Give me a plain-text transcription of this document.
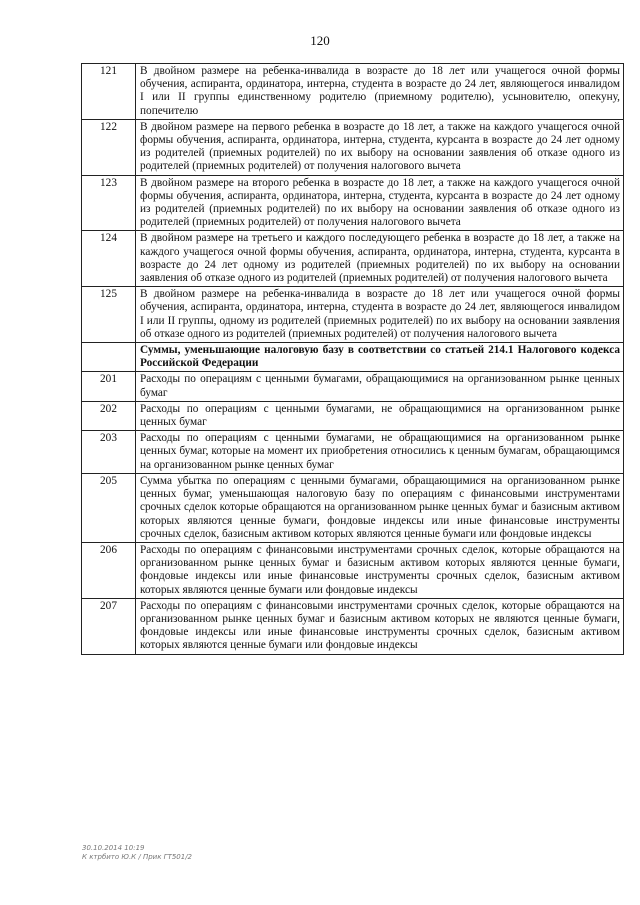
120
121	В двойном размере на ребенка-инвалида в возрасте до 18 лет или учащегося очной формы обучения, аспиранта, ординатора, интерна, студента в возрасте до 24 лет, являющегося инвалидом I или II группы единственному родителю (приемному родителю), усыновителю, опекуну, попечителю
122	В двойном размере на первого ребенка в возрасте до 18 лет, а также на каждого учащегося очной формы обучения, аспиранта, ординатора, интерна, студента, курсанта в возрасте до 24 лет одному из родителей (приемных родителей) по их выбору на основании заявления об отказе одного из родителей (приемных родителей) от получения налогового вычета
123	В двойном размере на второго ребенка в возрасте до 18 лет, а также на каждого учащегося очной формы обучения, аспиранта, ординатора, интерна, студента, курсанта в возрасте до 24 лет одному из родителей (приемных родителей) по их выбору на основании заявления об отказе одного из родителей (приемных родителей) от получения налогового вычета
124	В двойном размере на третьего и каждого последующего ребенка в возрасте до 18 лет, а также на каждого учащегося очной формы обучения, аспиранта, ординатора, интерна, студента, курсанта в возрасте до 24 лет одному из родителей (приемных родителей) по их выбору на основании заявления об отказе одного из родителей (приемных родителей) от получения налогового вычета
125	В двойном размере на ребенка-инвалида в возрасте до 18 лет или учащегося очной формы обучения, аспиранта, ординатора, интерна, студента в возрасте до 24 лет, являющегося инвалидом I или II группы, одному из родителей (приемных родителей) по их выбору на основании заявления об отказе одного из родителей (приемных родителей) от получения налогового вычета
	Суммы, уменьшающие налоговую базу в соответствии со статьей 214.1 Налогового кодекса Российской Федерации
201	Расходы по операциям с ценными бумагами, обращающимися на организованном рынке ценных бумаг
202	Расходы по операциям с ценными бумагами, не обращающимися на организованном рынке ценных бумаг
203	Расходы по операциям с ценными бумагами, не обращающимися на организованном рынке ценных бумаг, которые на момент их приобретения относились к ценным бумагам, обращающимся на организованном рынке ценных бумаг
205	Сумма убытка по операциям с ценными бумагами, обращающимися на организованном рынке ценных бумаг, уменьшающая налоговую базу по операциям с финансовыми инструментами срочных сделок которые обращаются на организованном рынке ценных бумаг и базисным активом которых являются ценные бумаги, фондовые индексы или иные финансовые инструменты срочных сделок, базисным активом которых являются ценные бумаги или фондовые индексы
206	Расходы по операциям с финансовыми инструментами срочных сделок, которые обращаются на организованном рынке ценных бумаг и базисным активом которых являются ценные бумаги, фондовые индексы или иные финансовые инструменты срочных сделок, базисным активом которых являются ценные бумаги или фондовые индексы
207	Расходы по операциям с финансовыми инструментами срочных сделок, которые обращаются на организованном рынке ценных бумаг и базисным активом которых не являются ценные бумаги, фондовые индексы или иные финансовые инструменты срочных сделок, базисным активом которых являются ценные бумаги или фондовые индексы
30.10.2014 10:19
К ктрбито Ю.К / Прик ГТ501/2
